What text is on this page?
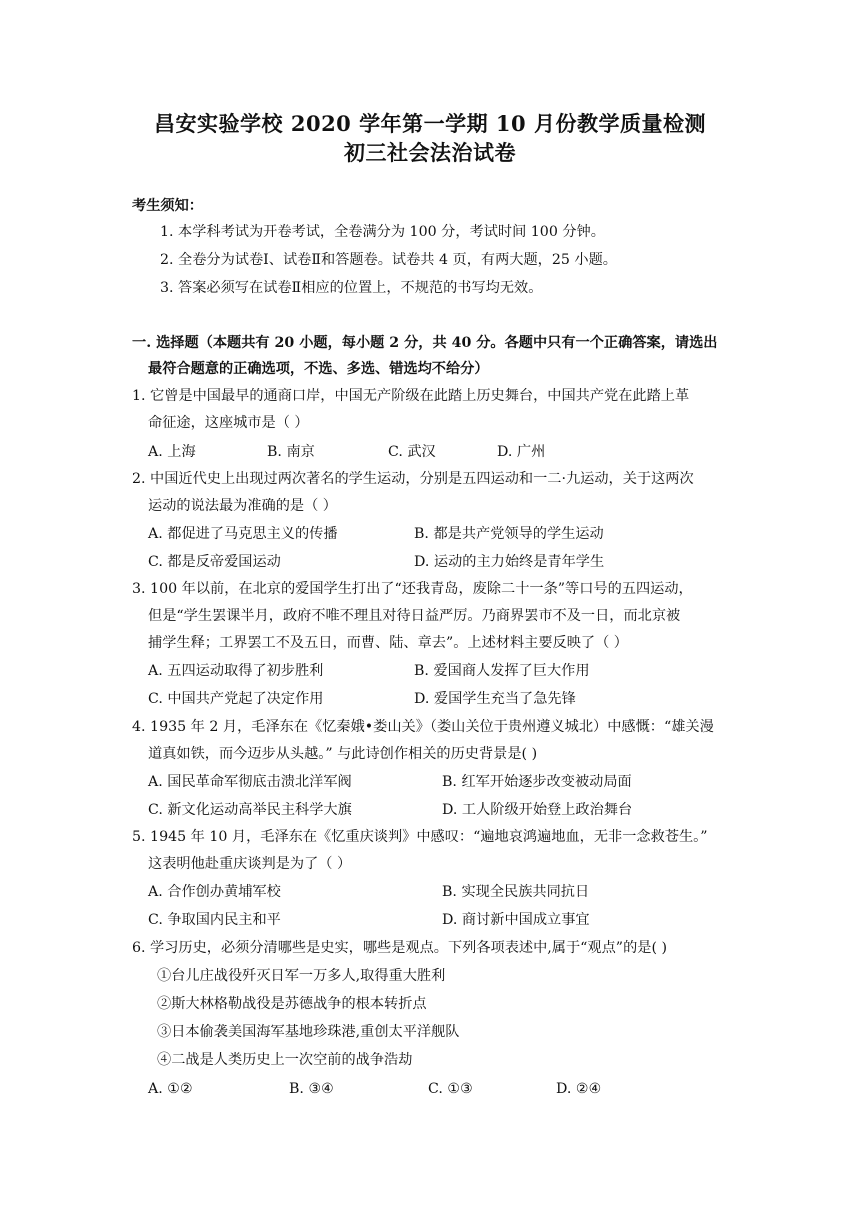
昌安实验学校 2020 学年第一学期 10 月份教学质量检测
初三社会法治试卷
考生须知：
1. 本学科考试为开卷考试，全卷满分为 100 分，考试时间 100 分钟。
2. 全卷分为试卷Ⅰ、试卷Ⅱ和答题卷。试卷共 4 页，有两大题，25 小题。
3. 答案必须写在试卷Ⅱ相应的位置上，不规范的书写均无效。
一. 选择题（本题共有 20 小题，每小题 2 分，共 40 分。各题中只有一个正确答案，请选出
最符合题意的正确选项，不选、多选、错选均不给分）
1. 它曾是中国最早的通商口岸，中国无产阶级在此踏上历史舞台，中国共产党在此踏上革
命征途，这座城市是（ ）
A. 上海	B. 南京	C. 武汉	D. 广州
2. 中国近代史上出现过两次著名的学生运动，分别是五四运动和一二·九运动，关于这两次
运动的说法最为准确的是（ ）
A. 都促进了马克思主义的传播	B. 都是共产党领导的学生运动
C. 都是反帝爱国运动	D. 运动的主力始终是青年学生
3. 100 年以前，在北京的爱国学生打出了“还我青岛，废除二十一条”等口号的五四运动，
但是“学生罢课半月，政府不唯不理且对待日益严厉。乃商界罢市不及一日，而北京被
捕学生释；工界罢工不及五日，而曹、陆、章去”。上述材料主要反映了（ ）
A. 五四运动取得了初步胜利	B. 爱国商人发挥了巨大作用
C. 中国共产党起了决定作用	D. 爱国学生充当了急先锋
4. 1935 年 2 月，毛泽东在《忆秦娥•娄山关》（娄山关位于贵州遵义城北）中感慨：“雄关漫
道真如铁，而今迈步从头越。” 与此诗创作相关的历史背景是( )
A. 国民革命军彻底击溃北洋军阀	B. 红军开始逐步改变被动局面
C. 新文化运动高举民主科学大旗	D. 工人阶级开始登上政治舞台
5. 1945 年 10 月，毛泽东在《忆重庆谈判》中感叹：“遍地哀鸿遍地血，无非一念救苍生。”
这表明他赴重庆谈判是为了（ ）
A. 合作创办黄埔军校	B. 实现全民族共同抗日
C. 争取国内民主和平	D. 商讨新中国成立事宜
6. 学习历史，必须分清哪些是史实，哪些是观点。下列各项表述中,属于“观点”的是( )
①台儿庄战役歼灭日军一万多人,取得重大胜利
②斯大林格勒战役是苏德战争的根本转折点
③日本偷袭美国海军基地珍珠港,重创太平洋舰队
④二战是人类历史上一次空前的战争浩劫
A. ①②	B. ③④	C. ①③	D. ②④
